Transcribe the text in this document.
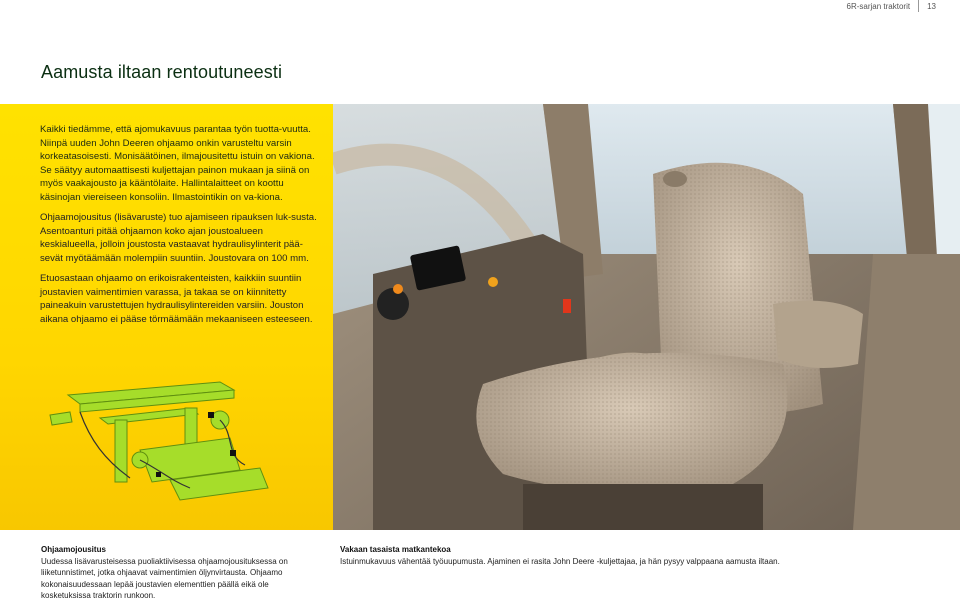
6R-sarjan traktorit 13
Aamusta iltaan rentoutuneesti

Kaikki tiedämme, että ajomukavuus parantaa työn tuotta-vuutta. Niinpä uuden John Deeren ohjaamo onkin varusteltu varsin korkeatasoisesti. Monisäätöinen, ilmajousitettu istuin on vakiona. Se säätyy automaattisesti kuljettajan painon mukaan ja siinä on myös vaakajousto ja kääntölaite. Hallintalaitteet on koottu käsinojan viereiseen konsoliin. Ilmastointikin on va-kiona.

Ohjaamojousitus (lisävaruste) tuo ajamiseen ripauksen luk-susta. Asentoanturi pitää ohjaamon koko ajan joustoalueen keskialueella, jolloin joustosta vastaavat hydraulisylinterit pää-sevät myötäämään molempiin suuntiin. Joustovara on 100 mm.

Etuosastaan ohjaamo on erikoisrakenteisten, kaikkiin suuntiin joustavien vaimentimien varassa, ja takaa se on kiinnitetty paineakuin varustettujen hydraulisylintereiden varsiin. Jouston aikana ohjaamo ei pääse törmäämään mekaaniseen esteeseen.

Ohjaamojousitus
Uudessa lisävarusteisessa puoliaktiivisessa ohjaamojousituksessa on liiketunnistimet, jotka ohjaavat vaimentimien öljynvirtausta. Ohjaamo kokonaisuudessaan lepää joustavien elementtien päällä eikä ole kosketuksissa traktorin runkoon.
Vakaan tasaista matkantekoa
Istuinmukavuus vähentää työuupumusta. Ajaminen ei rasita John Deere -kuljettajaa, ja hän pysyy valppaana aamusta iltaan.
